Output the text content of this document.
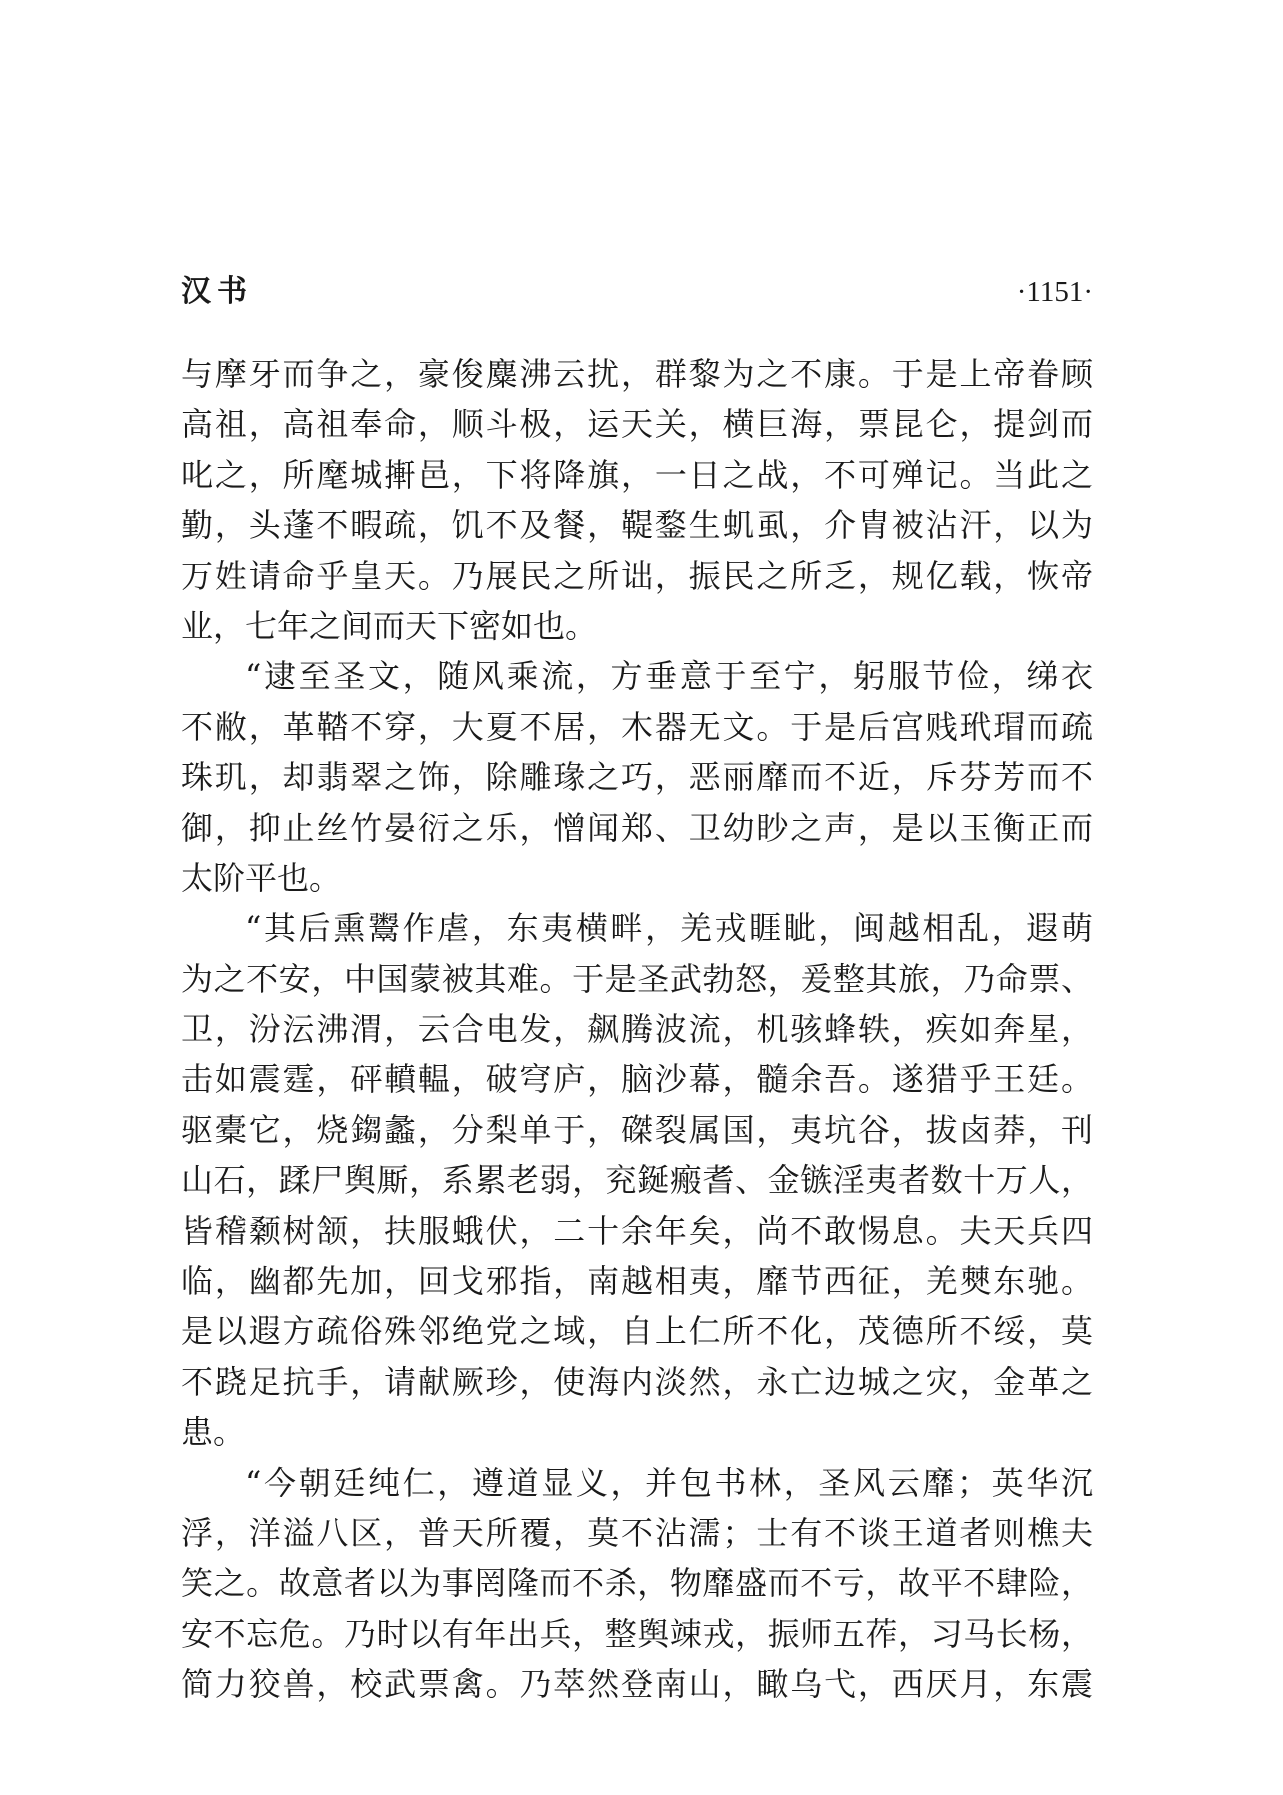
汉书	·1151·
与摩牙而争之，豪俊麋沸云扰，群黎为之不康。于是上帝眷顾
高祖，高祖奉命，顺斗极，运天关，横巨海，票昆仑，提剑而
叱之，所麾城搟邑，下将降旗，一日之战，不可殚记。当此之
勤，头蓬不暇疏，饥不及餐，鞮鍪生虮虱，介胄被沾汗，以为
万姓请命乎皇天。乃展民之所诎，振民之所乏，规亿载，恢帝
业，七年之间而天下密如也。
“逮至圣文，随风乘流，方垂意于至宁，躬服节俭，绨衣
不敝，革鞜不穿，大夏不居，木器无文。于是后宫贱玳瑁而疏
珠玑，却翡翠之饰，除雕瑑之巧，恶丽靡而不近，斥芬芳而不
御，抑止丝竹晏衍之乐，憎闻郑、卫幼眇之声，是以玉衡正而
太阶平也。
“其后熏鬻作虐，东夷横畔，羌戎睚眦，闽越相乱，遐萌
为之不安，中国蒙被其难。于是圣武勃怒，爰整其旅，乃命票、
卫，汾沄沸渭，云合电发，飙腾波流，机骇蜂轶，疾如奔星，
击如震霆，砰轒輼，破穹庐，脑沙幕，髓余吾。遂猎乎王廷。
驱橐它，烧𨪕蠡，分梨单于，磔裂属国，夷坑谷，拔卤莽，刊
山石，蹂尸舆厮，系累老弱，兖鋋瘢耆、金镞淫夷者数十万人，
皆稽颡树颔，扶服蛾伏，二十余年矣，尚不敢惕息。夫天兵四
临，幽都先加，回戈邪指，南越相夷，靡节西征，羌僰东驰。
是以遐方疏俗殊邻绝党之域，自上仁所不化，茂德所不绥，莫
不跷足抗手，请献厥珍，使海内淡然，永亡边城之灾，金革之
患。
“今朝廷纯仁，遵道显义，并包书林，圣风云靡；英华沉
浮，洋溢八区，普天所覆，莫不沾濡；士有不谈王道者则樵夫
笑之。故意者以为事罔隆而不杀，物靡盛而不亏，故平不肆险，
安不忘危。乃时以有年出兵，整舆竦戎，振师五莋，习马长杨，
简力狡兽，校武票禽。乃萃然登南山，瞰乌弋，西厌月，东震
